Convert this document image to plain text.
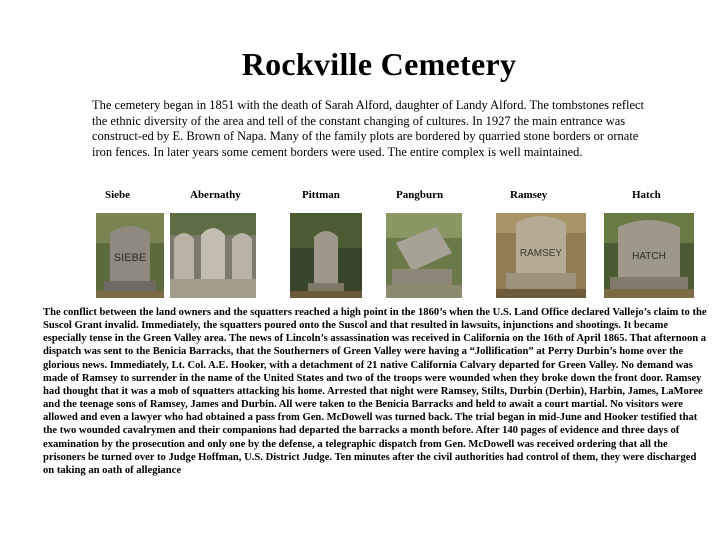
Rockville Cemetery
The cemetery began in 1851 with the death of Sarah Alford, daughter of Landy Alford. The tombstones reflect the ethnic diversity of the area and tell of the constant changing of cultures. In 1927 the main entrance was construct-ed by E. Brown of Napa. Many of the family plots are bordered by quarried stone borders or ornate iron fences. In later years some cement borders were used. The entire complex is well maintained.
Siebe	Abernathy	Pittman	Pangburn	Ramsey	Hatch
SIEBE	RAMSEY	HATCH
The conflict between the land owners and the squatters reached a high point in the 1860’s when the U.S. Land Office declared Vallejo’s claim to the Suscol Grant invalid. Immediately, the squatters poured onto the Suscol and that resulted in lawsuits, injunctions and shootings. It became especially tense in the Green Valley area. The news of Lincoln’s assassination was received in California on the 16th of April 1865. That afternoon a dispatch was sent to the Benicia Barracks, that the Southerners of Green Valley were having a “Jollification” at Perry Durbin’s home over the glorious news. Immediately, Lt. Col. A.E. Hooker, with a detachment of 21 native California Calvary departed for Green Valley. No demand was made of Ramsey to surrender in the name of the United States and two of the troops were wounded when they broke down the front door. Ramsey had thought that it was a mob of squatters attacking his home. Arrested that night were Ramsey, Stilts, Durbin (Derbin), Harbin, James, LaMoree and the teenage sons of Ramsey, James and Durbin. All were taken to the Benicia Barracks and held to await a court martial. No visitors were allowed and even a lawyer who had obtained a pass from Gen. McDowell was turned back. The trial began in mid-June and Hooker testified that the two wounded cavalrymen and their companions had departed the barracks a month before. After 140 pages of evidence and three days of examination by the prosecution and only one by the defense, a telegraphic dispatch from Gen. McDowell was received ordering that all the prisoners be turned over to Judge Hoffman, U.S. District Judge. Ten minutes after the civil authorities had control of them, they were discharged on taking an oath of allegiance
